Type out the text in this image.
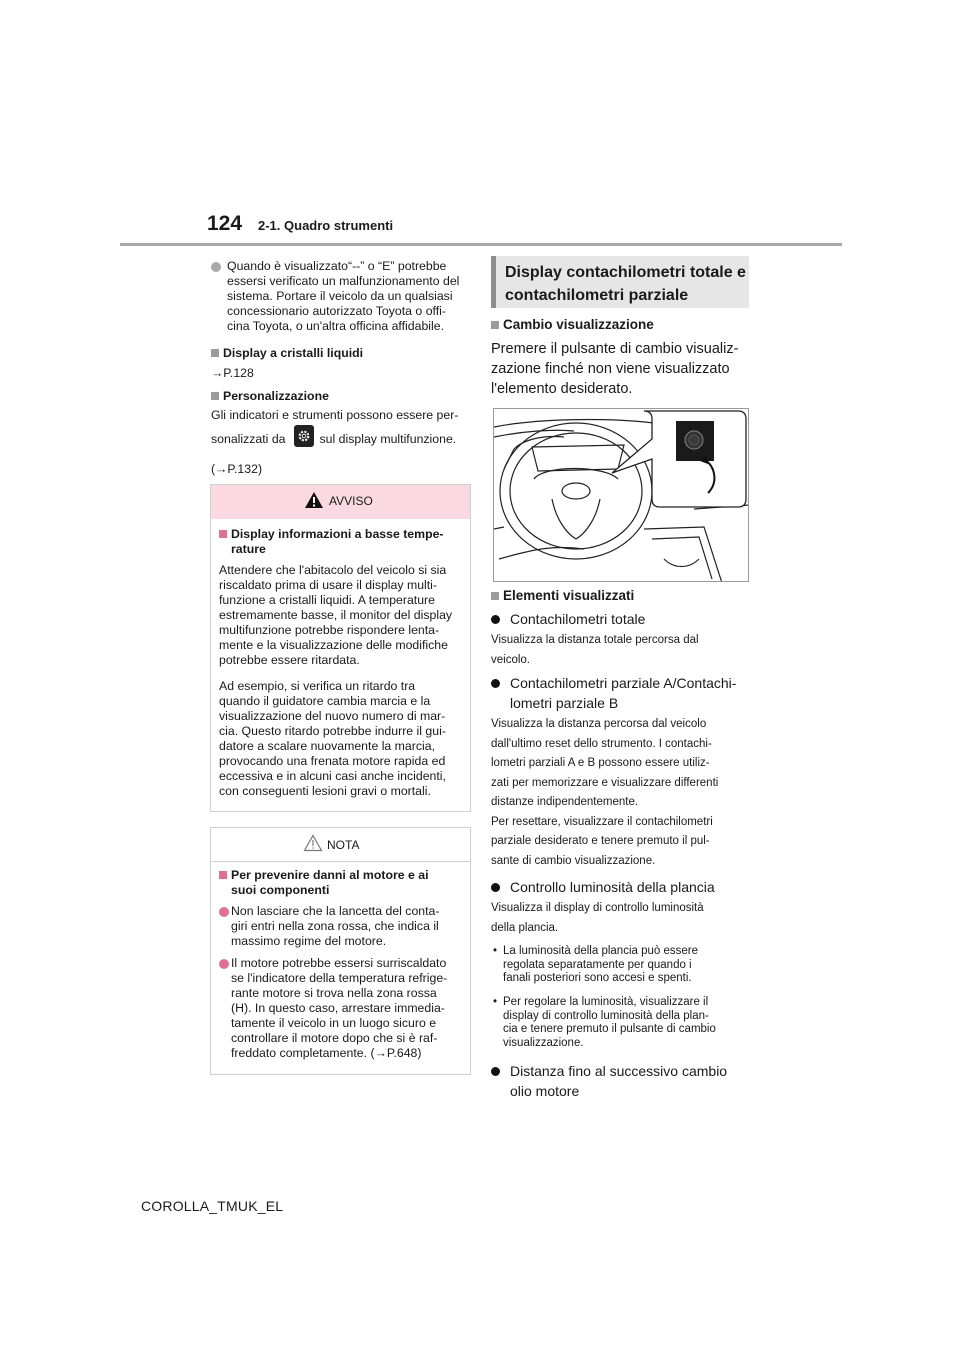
124 2-1. Quadro strumenti
Quando è visualizzato“--” o “E” potrebbe
essersi verificato un malfunzionamento del
sistema. Portare il veicolo da un qualsiasi
concessionario autorizzato Toyota o offi-
cina Toyota, o un'altra officina affidabile.
Display a cristalli liquidi
→P.128
Personalizzazione
Gli indicatori e strumenti possono essere per-
sonalizzati da	sul display multifunzione.
(→P.132)
AVVISO
Display informazioni a basse tempe-
rature
Attendere che l'abitacolo del veicolo si sia
riscaldato prima di usare il display multi-
funzione a cristalli liquidi. A temperature
estremamente basse, il monitor del display
multifunzione potrebbe rispondere lenta-
mente e la visualizzazione delle modifiche
potrebbe essere ritardata.
Ad esempio, si verifica un ritardo tra
quando il guidatore cambia marcia e la
visualizzazione del nuovo numero di mar-
cia. Questo ritardo potrebbe indurre il gui-
datore a scalare nuovamente la marcia,
provocando una frenata motore rapida ed
eccessiva e in alcuni casi anche incidenti,
con conseguenti lesioni gravi o mortali.
NOTA
Per prevenire danni al motore e ai
suoi componenti
Non lasciare che la lancetta del conta-
giri entri nella zona rossa, che indica il
massimo regime del motore.
Il motore potrebbe essersi surriscaldato
se l'indicatore della temperatura refrige-
rante motore si trova nella zona rossa
(H). In questo caso, arrestare immedia-
tamente il veicolo in un luogo sicuro e
controllare il motore dopo che si è raf-
freddato completamente. (→P.648)
Display contachilometri totale e
contachilometri parziale
Cambio visualizzazione
Premere il pulsante di cambio visualiz-
zazione finché non viene visualizzato
l'elemento desiderato.
Elementi visualizzati
Contachilometri totale
Visualizza la distanza totale percorsa dal
veicolo.
Contachilometri parziale A/Contachi-
lometri parziale B
Visualizza la distanza percorsa dal veicolo
dall'ultimo reset dello strumento. I contachi-
lometri parziali A e B possono essere utiliz-
zati per memorizzare e visualizzare differenti
distanze indipendentemente.
Per resettare, visualizzare il contachilometri
parziale desiderato e tenere premuto il pul-
sante di cambio visualizzazione.
Controllo luminosità della plancia
Visualizza il display di controllo luminosità
della plancia.
• La luminosità della plancia può essere
regolata separatamente per quando i
fanali posteriori sono accesi e spenti.
• Per regolare la luminosità, visualizzare il
display di controllo luminosità della plan-
cia e tenere premuto il pulsante di cambio
visualizzazione.
Distanza fino al successivo cambio
olio motore
COROLLA_TMUK_EL
